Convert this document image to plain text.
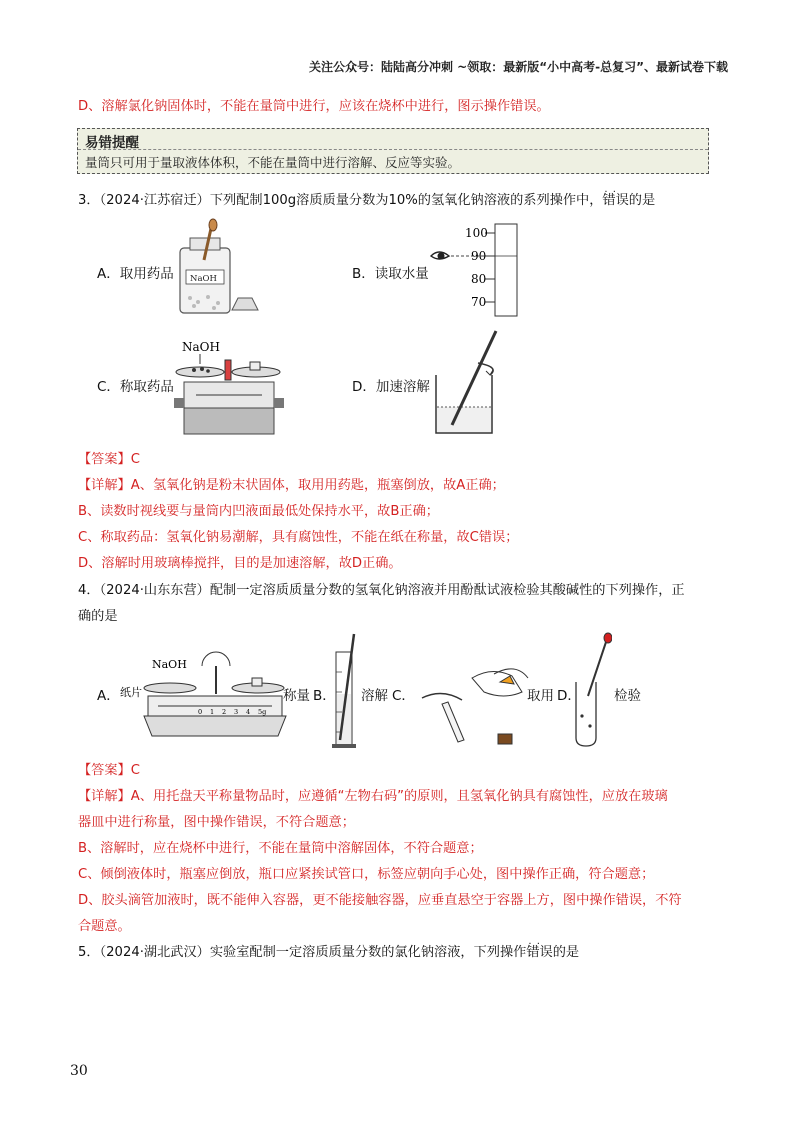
关注公众号：陆陆高分冲刺 ~领取：最新版“小中高考-总复习”、最新试卷下载
D、溶解氯化钠固体时，不能在量筒中进行，应该在烧杯中进行，图示操作错误。
易错提醒
量筒只可用于量取液体体积，不能在量筒中进行溶解、反应等实验。
3．（2024·江苏宿迁）下列配制100g溶质质量分数为10%的氢氧化钠溶液的系列操作中，· · 错误的是
A．取用药品 NaOH	B．读取水量
100
90
80
70
C．称取药品
NaOH
D．加速溶解
【答案】C
【详解】A、氢氧化钠是粉末状固体，取用用药匙，瓶塞倒放，故A正确；
B、读数时视线要与量筒内凹液面最低处保持水平，故B正确；
C、称取药品：氢氧化钠易潮解，具有腐蚀性，不能在纸在称量，故C错误；
D、溶解时用玻璃棒搅拌，目的是加速溶解，故D正确。
4．（2024·山东东营）配制一定溶质质量分数的氢氧化钠溶液并用酚酞试液检验其酸碱性的下列操作，正
确的是
A． 纸片
NaOH
0 1 2 3 4 5g
称量 B． 溶解 C．	取用 D． 检验
【答案】C
【详解】A、用托盘天平称量物品时，应遵循“左物右码”的原则，且氢氧化钠具有腐蚀性，应放在玻璃
器皿中进行称量，图中操作错误，不符合题意；
B、溶解时，应在烧杯中进行，不能在量筒中溶解固体，不符合题意；
C、倾倒液体时，瓶塞应倒放，瓶口应紧挨试管口，标签应朝向手心处，图中操作正确，符合题意；
D、胶头滴管加液时，既不能伸入容器，更不能接触容器，应垂直悬空于容器上方，图中操作错误，不符
合题意。
5．（2024·湖北武汉）实验室配制一定溶质质量分数的氯化钠溶液，下列操作· · 错误的是
30
